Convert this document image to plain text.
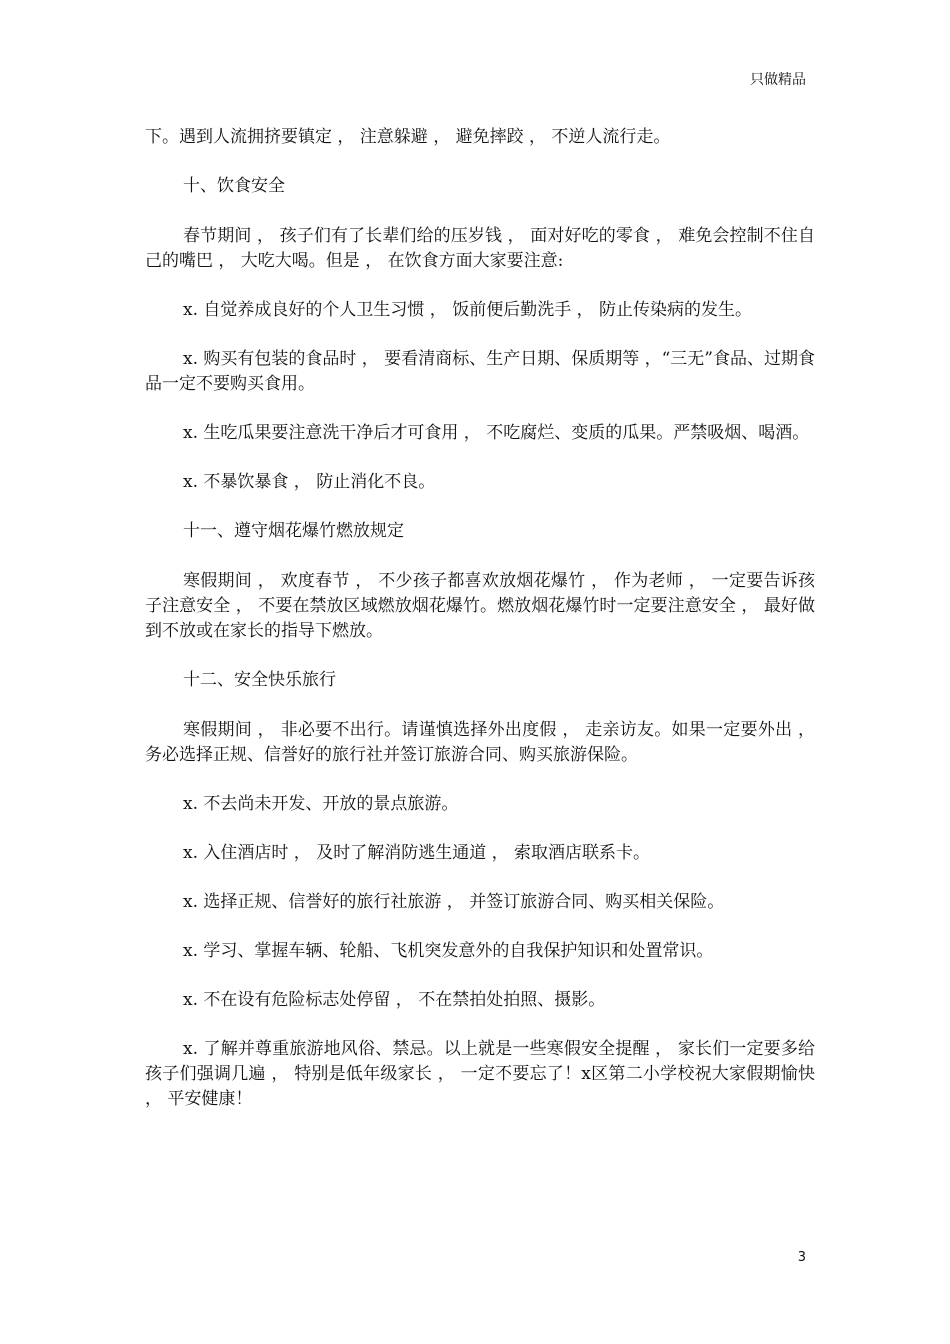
只做精品

下。遇到人流拥挤要镇定 ， 注意躲避 ， 避免摔跤 ， 不逆人流行走。

十、饮食安全

春节期间 ， 孩子们有了长辈们给的压岁钱 ， 面对好吃的零食 ， 难免会控制不住自己的嘴巴 ， 大吃大喝。但是 ， 在饮食方面大家要注意:

x. 自觉养成良好的个人卫生习惯 ， 饭前便后勤洗手 ， 防止传染病的发生。

x. 购买有包装的食品时 ， 要看清商标、生产日期、保质期等 ，“三无”食品、过期食品一定不要购买食用。

x. 生吃瓜果要注意洗干净后才可食用 ， 不吃腐烂、变质的瓜果。严禁吸烟、喝酒。

x. 不暴饮暴食 ， 防止消化不良。

十一、遵守烟花爆竹燃放规定

寒假期间 ， 欢度春节 ， 不少孩子都喜欢放烟花爆竹 ， 作为老师 ， 一定要告诉孩子注意安全 ， 不要在禁放区域燃放烟花爆竹。燃放烟花爆竹时一定要注意安全 ， 最好做到不放或在家长的指导下燃放。

十二、安全快乐旅行

寒假期间 ， 非必要不出行。请谨慎选择外出度假 ， 走亲访友。如果一定要外出 ， 务必选择正规、信誉好的旅行社并签订旅游合同、购买旅游保险。

x. 不去尚未开发、开放的景点旅游。

x. 入住酒店时 ， 及时了解消防逃生通道 ， 索取酒店联系卡。

x. 选择正规、信誉好的旅行社旅游 ， 并签订旅游合同、购买相关保险。

x. 学习、掌握车辆、轮船、飞机突发意外的自我保护知识和处置常识。

x. 不在设有危险标志处停留 ， 不在禁拍处拍照、摄影。

x. 了解并尊重旅游地风俗、禁忌。以上就是一些寒假安全提醒 ， 家长们一定要多给孩子们强调几遍 ， 特别是低年级家长 ， 一定不要忘了！x区第二小学校祝大家假期愉快 ， 平安健康！

3
